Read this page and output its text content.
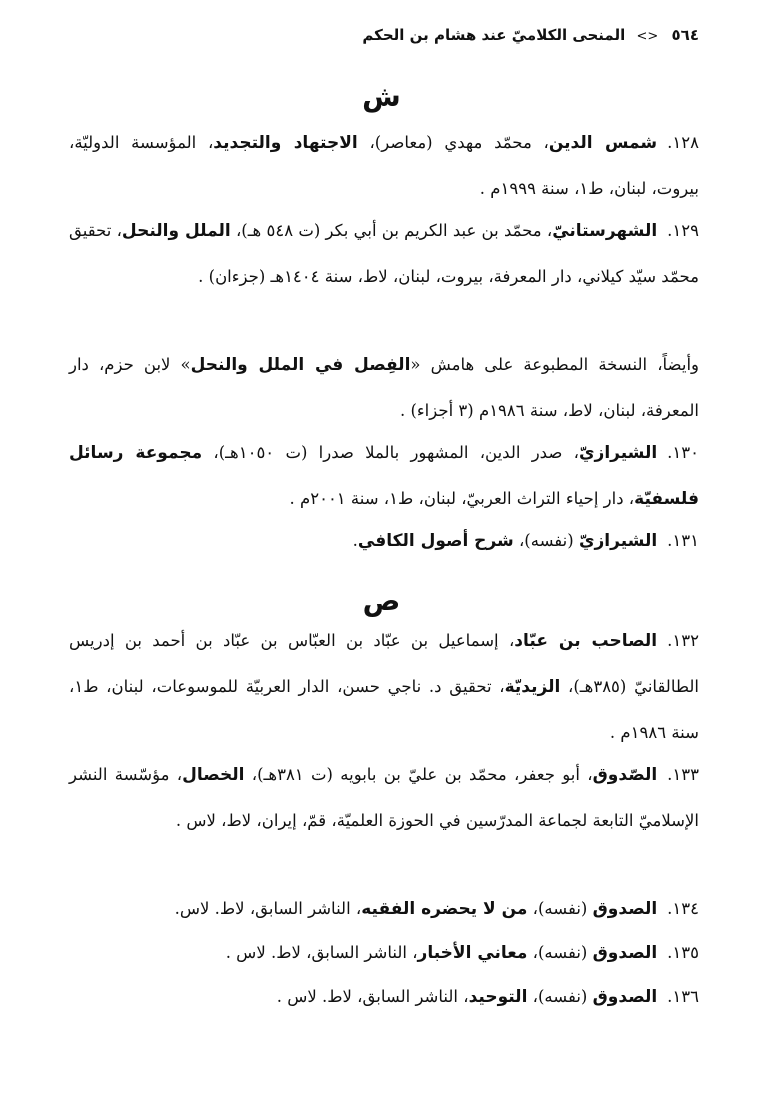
٥٦٤ <> المنحى الكلاميّ عند هشام بن الحكم
ش
١٢٨.شمس الدين، محمّد مهدي (معاصر)، الاجتهاد والتجديد، المؤسسة الدوليّة، بيروت، لبنان، ط١، سنة ١٩٩٩م .
١٢٩.الشهرستانيّ، محمّد بن عبد الكريم بن أبي بكر (ت ٥٤٨ هـ)، الملل والنحل، تحقيق محمّد سيّد كيلاني، دار المعرفة، بيروت، لبنان، لاط، سنة ١٤٠٤هـ (جزءان) .
وأيضاً، النسخة المطبوعة على هامش «الفِصل في الملل والنحل» لابن حزم، دار المعرفة، لبنان، لاط، سنة ١٩٨٦م (٣ أجزاء) .
١٣٠.الشيرازيّ، صدر الدين، المشهور بالملا صدرا (ت ١٠٥٠هـ)، مجموعة رسائل فلسفيّة، دار إحياء التراث العربيّ، لبنان، ط١، سنة ٢٠٠١م .
١٣١.الشيرازيّ (نفسه)، شرح أصول الكافي.
ص
١٣٢.الصاحب بن عبّاد، إسماعيل بن عبّاد بن العبّاس بن عبّاد بن أحمد بن إدريس الطالقانيّ (٣٨٥هـ)، الزيديّة، تحقيق د. ناجي حسن، الدار العربيّة للموسوعات، لبنان، ط١، سنة ١٩٨٦م .
١٣٣.الصّدوق، أبو جعفر، محمّد بن عليّ بن بابويه (ت ٣٨١هـ)، الخصال، مؤسّسة النشر الإسلاميّ التابعة لجماعة المدرّسين في الحوزة العلميّة، قمّ، إيران، لاط، لاس .
١٣٤.الصدوق (نفسه)، من لا يحضره الفقيه، الناشر السابق، لاط. لاس.
١٣٥.الصدوق (نفسه)، معاني الأخبار، الناشر السابق، لاط. لاس .
١٣٦.الصدوق (نفسه)، التوحيد، الناشر السابق، لاط. لاس .
